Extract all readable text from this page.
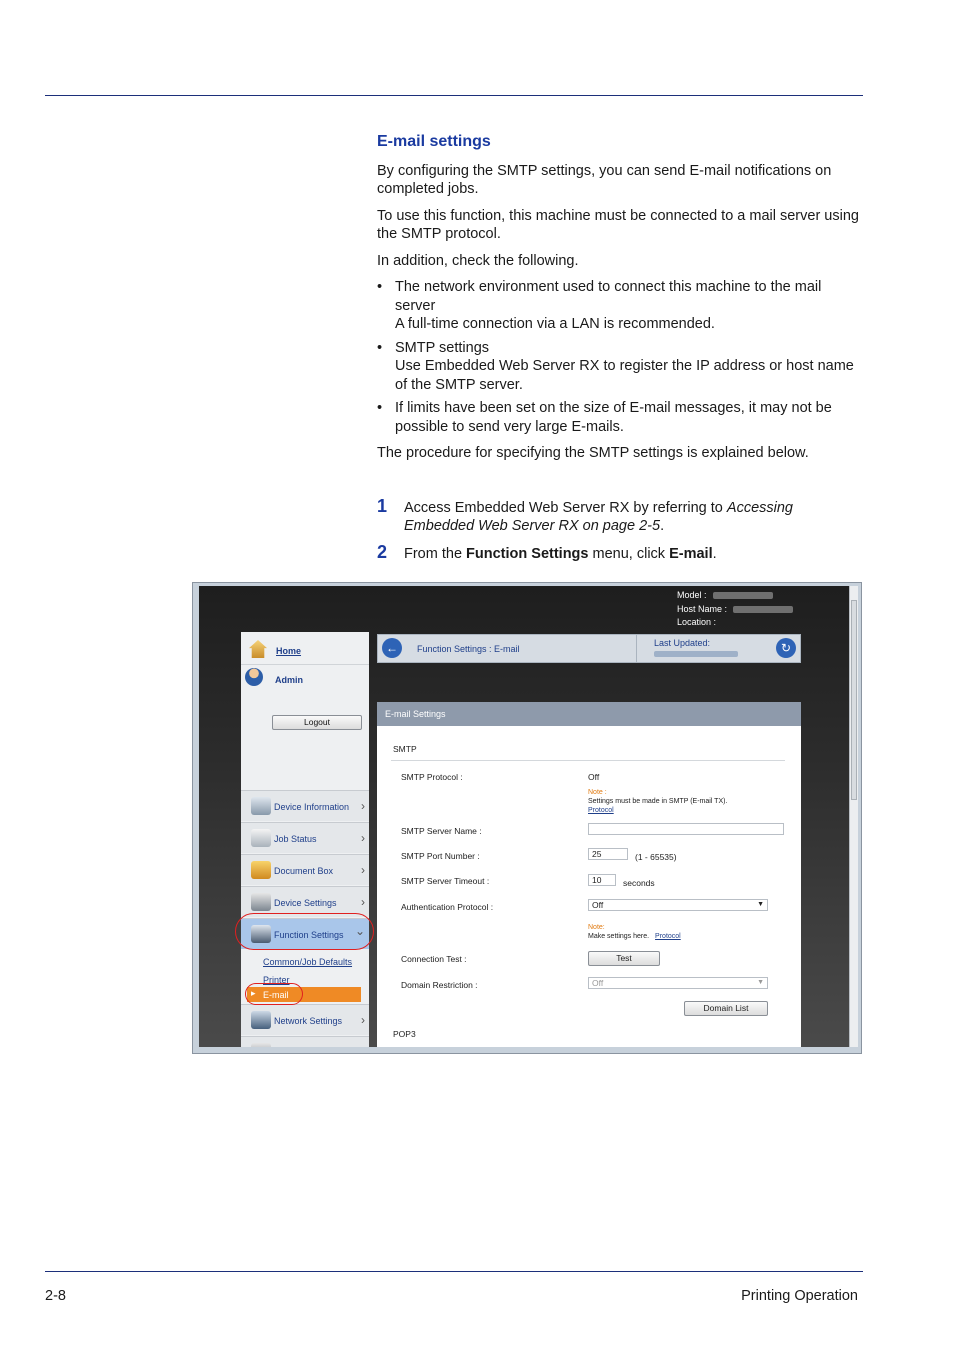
E-mail settings

By configuring the SMTP settings, you can send E-mail notifications on completed jobs.

To use this function, this machine must be connected to a mail server using the SMTP protocol.

In addition, check the following.

• The network environment used to connect this machine to the mail server
A full-time connection via a LAN is recommended.
• SMTP settings
Use Embedded Web Server RX to register the IP address or host name of the SMTP server.
• If limits have been set on the size of E-mail messages, it may not be possible to send very large E-mails.

The procedure for specifying the SMTP settings is explained below.

1 Access Embedded Web Server RX by referring to Accessing Embedded Web Server RX on page 2-5.
2 From the Function Settings menu, click E-mail.
Model :
Host Name :
Location :
Home
Admin
Logout
Device Information ›
Job Status	›
Document Box ›
Device Settings ›
Function Settings ⌄
Common/Job Defaults
Printer
▸ E-mail
Network Settings ›
←	Function Settings : E-mail
Last Updated:	↻
E-mail Settings
SMTP
SMTP Protocol :	Off
Note :
Settings must be made in SMTP (E-mail TX).
Protocol
SMTP Server Name :
SMTP Port Number :	25	(1 - 65535)
SMTP Server Timeout :	10	seconds
Authentication Protocol :	Off	▼
Note:
Make settings here. Protocol
Connection Test :	Test
Domain Restriction :	Off	▼
Domain List
POP3
2-8	Printing Operation
